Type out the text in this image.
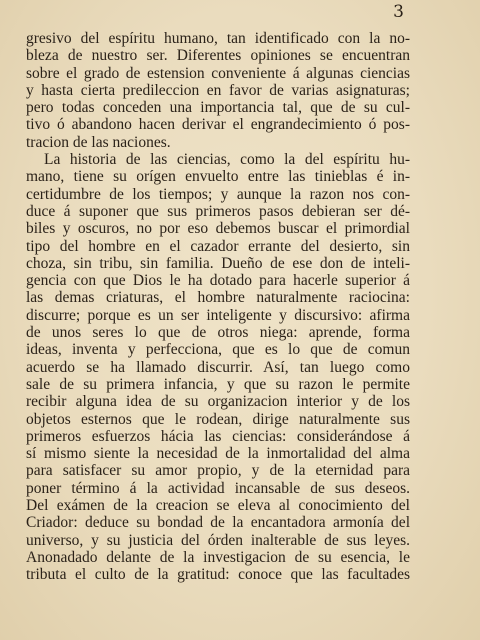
3

gresivo del espíritu humano, tan identificado con la no-
bleza de nuestro ser. Diferentes opiniones se encuentran
sobre el grado de estension conveniente á algunas ciencias
y hasta cierta predileccion en favor de varias asignaturas;
pero todas conceden una importancia tal, que de su cul-
tivo ó abandono hacen derivar el engrandecimiento ó pos-
tracion de las naciones.

La historia de las ciencias, como la del espíritu hu-
mano, tiene su orígen envuelto entre las tinieblas é in-
certidumbre de los tiempos; y aunque la razon nos con-
duce á suponer que sus primeros pasos debieran ser dé-
biles y oscuros, no por eso debemos buscar el primordial
tipo del hombre en el cazador errante del desierto, sin
choza, sin tribu, sin familia. Dueño de ese don de inteli-
gencia con que Dios le ha dotado para hacerle superior á
las demas criaturas, el hombre naturalmente raciocina:
discurre; porque es un ser inteligente y discursivo: afirma
de unos seres lo que de otros niega: aprende, forma
ideas, inventa y perfecciona, que es lo que de comun
acuerdo se ha llamado discurrir. Así, tan luego como
sale de su primera infancia, y que su razon le permite
recibir alguna idea de su organizacion interior y de los
objetos esternos que le rodean, dirige naturalmente sus
primeros esfuerzos hácia las ciencias: considerándose á
sí mismo siente la necesidad de la inmortalidad del alma
para satisfacer su amor propio, y de la eternidad para
poner término á la actividad incansable de sus deseos.
Del exámen de la creacion se eleva al conocimiento del
Criador: deduce su bondad de la encantadora armonía del
universo, y su justicia del órden inalterable de sus leyes.
Anonadado delante de la investigacion de su esencia, le
tributa el culto de la gratitud: conoce que las facultades
